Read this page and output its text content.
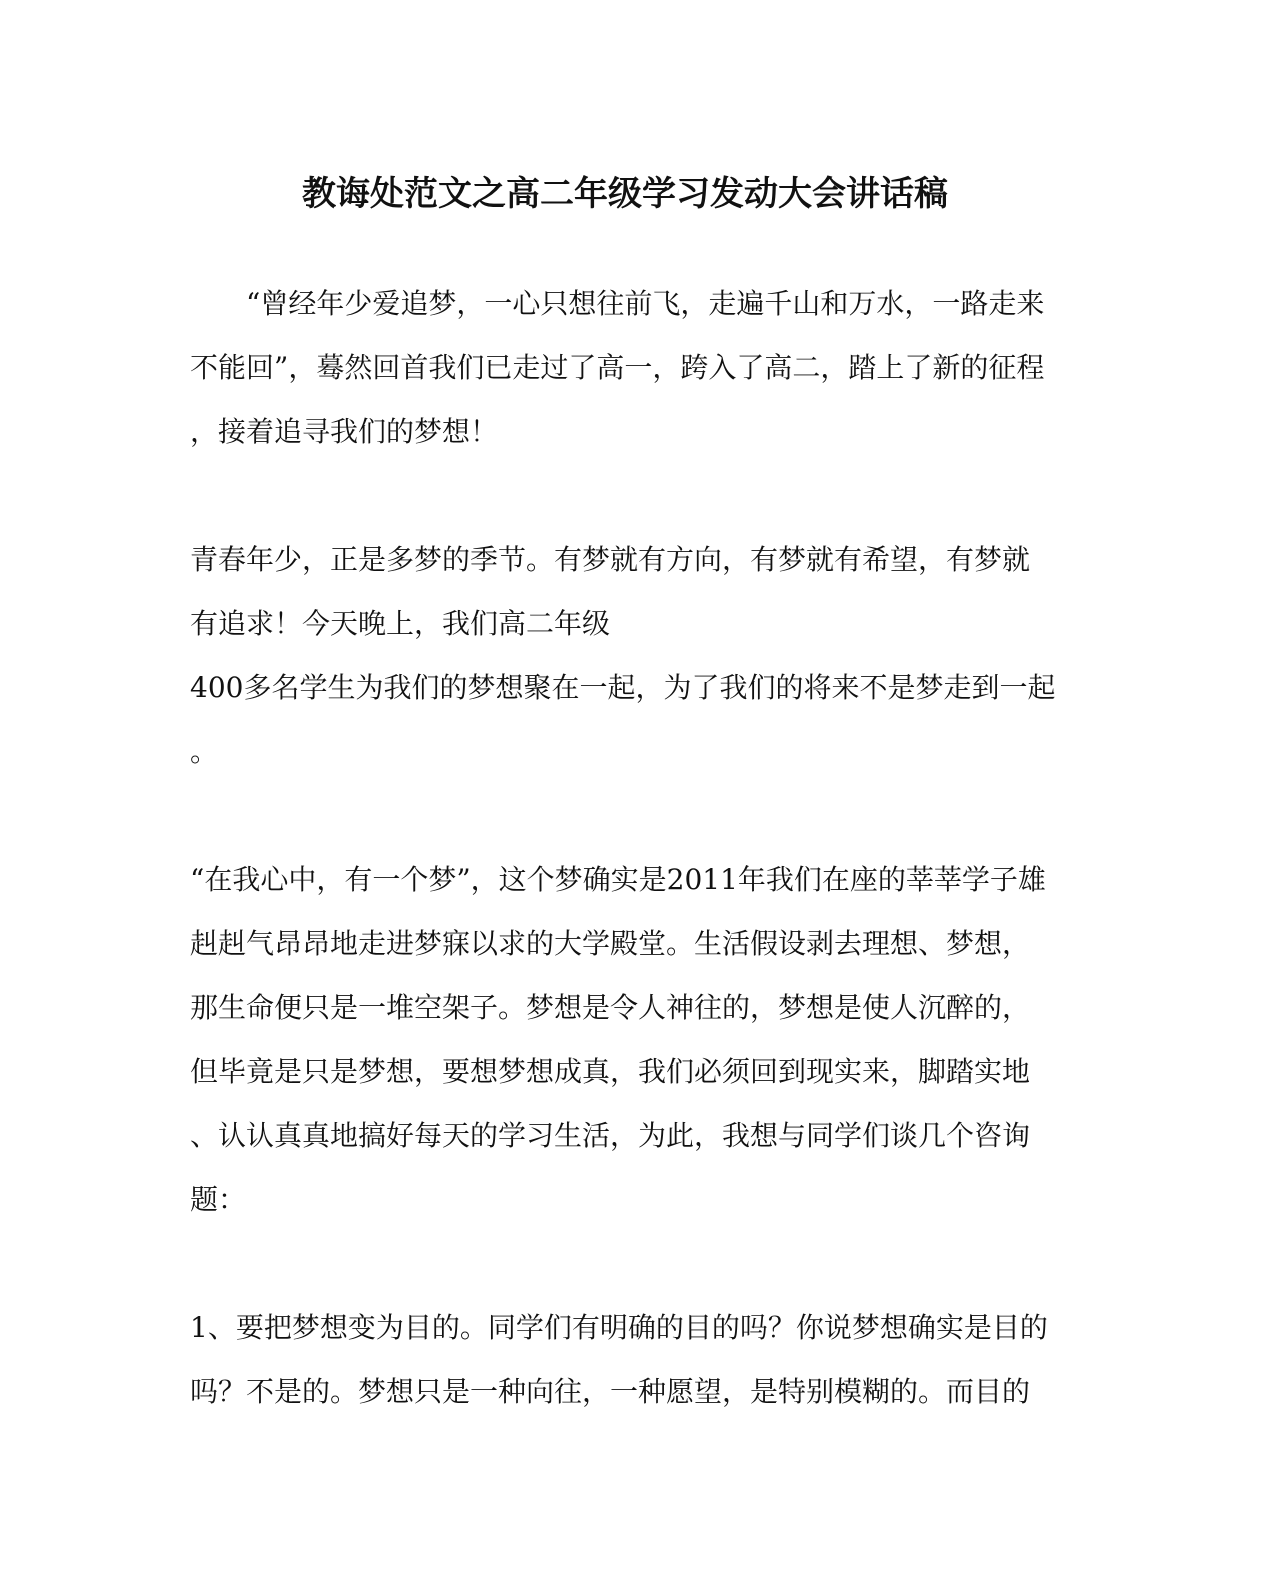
教诲处范文之高二年级学习发动大会讲话稿
“曾经年少爱追梦，一心只想往前飞，走遍千山和万水，一路走来
不能回”，蓦然回首我们已走过了高一，跨入了高二，踏上了新的征程
，接着追寻我们的梦想！
青春年少，正是多梦的季节。有梦就有方向，有梦就有希望，有梦就
有追求！今天晚上，我们高二年级
400多名学生为我们的梦想聚在一起，为了我们的将来不是梦走到一起
。
“在我心中，有一个梦”，这个梦确实是2011年我们在座的莘莘学子雄
赳赳气昂昂地走进梦寐以求的大学殿堂。生活假设剥去理想、梦想，
那生命便只是一堆空架子。梦想是令人神往的，梦想是使人沉醉的，
但毕竟是只是梦想，要想梦想成真，我们必须回到现实来，脚踏实地
、认认真真地搞好每天的学习生活，为此，我想与同学们谈几个咨询
题：
1、要把梦想变为目的。同学们有明确的目的吗？你说梦想确实是目的
吗？不是的。梦想只是一种向往，一种愿望，是特别模糊的。而目的
